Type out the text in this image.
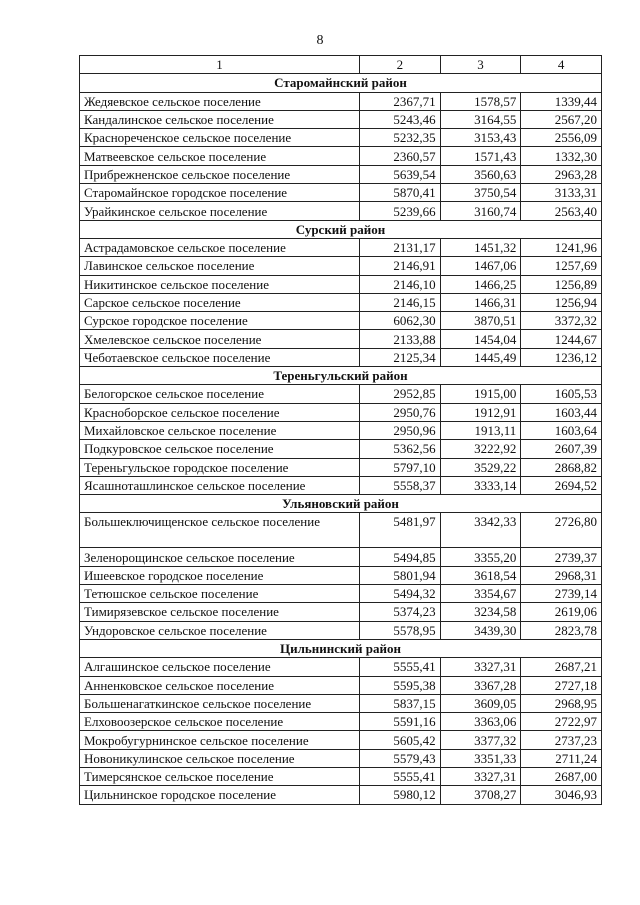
8
1	2	3	4
Старомайнский район			
Жедяевское сельское поселение	2367,71	1578,57	1339,44
Кандалинское сельское поселение	5243,46	3164,55	2567,20
Краснореченское сельское поселение	5232,35	3153,43	2556,09
Матвеевское сельское поселение	2360,57	1571,43	1332,30
Прибрежненское сельское поселение	5639,54	3560,63	2963,28
Старомайнское городское поселение	5870,41	3750,54	3133,31
Урайкинское сельское поселение	5239,66	3160,74	2563,40
Сурский район			
Астрадамовское сельское поселение	2131,17	1451,32	1241,96
Лавинское сельское поселение	2146,91	1467,06	1257,69
Никитинское сельское поселение	2146,10	1466,25	1256,89
Сарское сельское поселение	2146,15	1466,31	1256,94
Сурское городское поселение	6062,30	3870,51	3372,32
Хмелевское сельское поселение	2133,88	1454,04	1244,67
Чеботаевское сельское поселение	2125,34	1445,49	1236,12
Тереньгульский район			
Белогорское сельское поселение	2952,85	1915,00	1605,53
Красноборское сельское поселение	2950,76	1912,91	1603,44
Михайловское сельское поселение	2950,96	1913,11	1603,64
Подкуровское сельское поселение	5362,56	3222,92	2607,39
Тереньгульское городское поселение	5797,10	3529,22	2868,82
Ясашноташлинское сельское поселение	5558,37	3333,14	2694,52
Ульяновский район			
Большеключищенское сельское поселение	5481,97	3342,33	2726,80
Зеленорощинское сельское поселение	5494,85	3355,20	2739,37
Ишеевское городское поселение	5801,94	3618,54	2968,31
Тетюшское сельское поселение	5494,32	3354,67	2739,14
Тимирязевское сельское поселение	5374,23	3234,58	2619,06
Ундоровское сельское поселение	5578,95	3439,30	2823,78
Цильнинский район			
Алгашинское сельское поселение	5555,41	3327,31	2687,21
Анненковское сельское поселение	5595,38	3367,28	2727,18
Большенагаткинское сельское поселение	5837,15	3609,05	2968,95
Елховоозерское сельское поселение	5591,16	3363,06	2722,97
Мокробугурнинское сельское поселение	5605,42	3377,32	2737,23
Новоникулинское сельское поселение	5579,43	3351,33	2711,24
Тимерсянское сельское поселение	5555,41	3327,31	2687,00
Цильнинское городское поселение	5980,12	3708,27	3046,93
